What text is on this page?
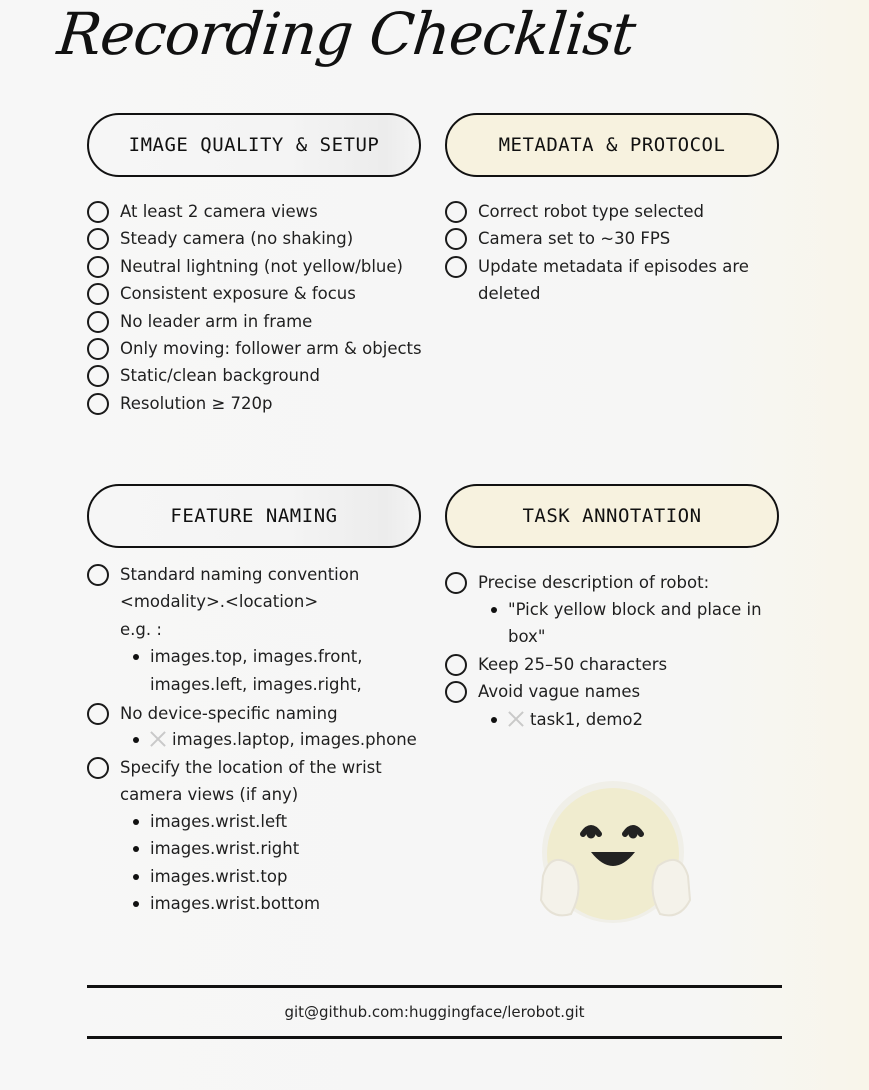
Recording Checklist
IMAGE QUALITY & SETUP	METADATA & PROTOCOL
FEATURE NAMING	TASK ANNOTATION
At least 2 camera views
Steady camera (no shaking)
Neutral lightning (not yellow/blue)
Consistent exposure & focus
No leader arm in frame
Only moving: follower arm & objects
Static/clean background
Resolution ≥ 720p
Correct robot type selected
Camera set to ~30 FPS
Update metadata if episodes are
deleted
Standard naming convention
<modality>.<location>
e.g. :
images.top, images.front,
images.left, images.right,
No device-specific naming
images.laptop, images.phone
Specify the location of the wrist
camera views (if any)
images.wrist.left
images.wrist.right
images.wrist.top
images.wrist.bottom
Precise description of robot:
"Pick yellow block and place in
box"
Keep 25–50 characters
Avoid vague names
task1, demo2
git@github.com:huggingface/lerobot.git
